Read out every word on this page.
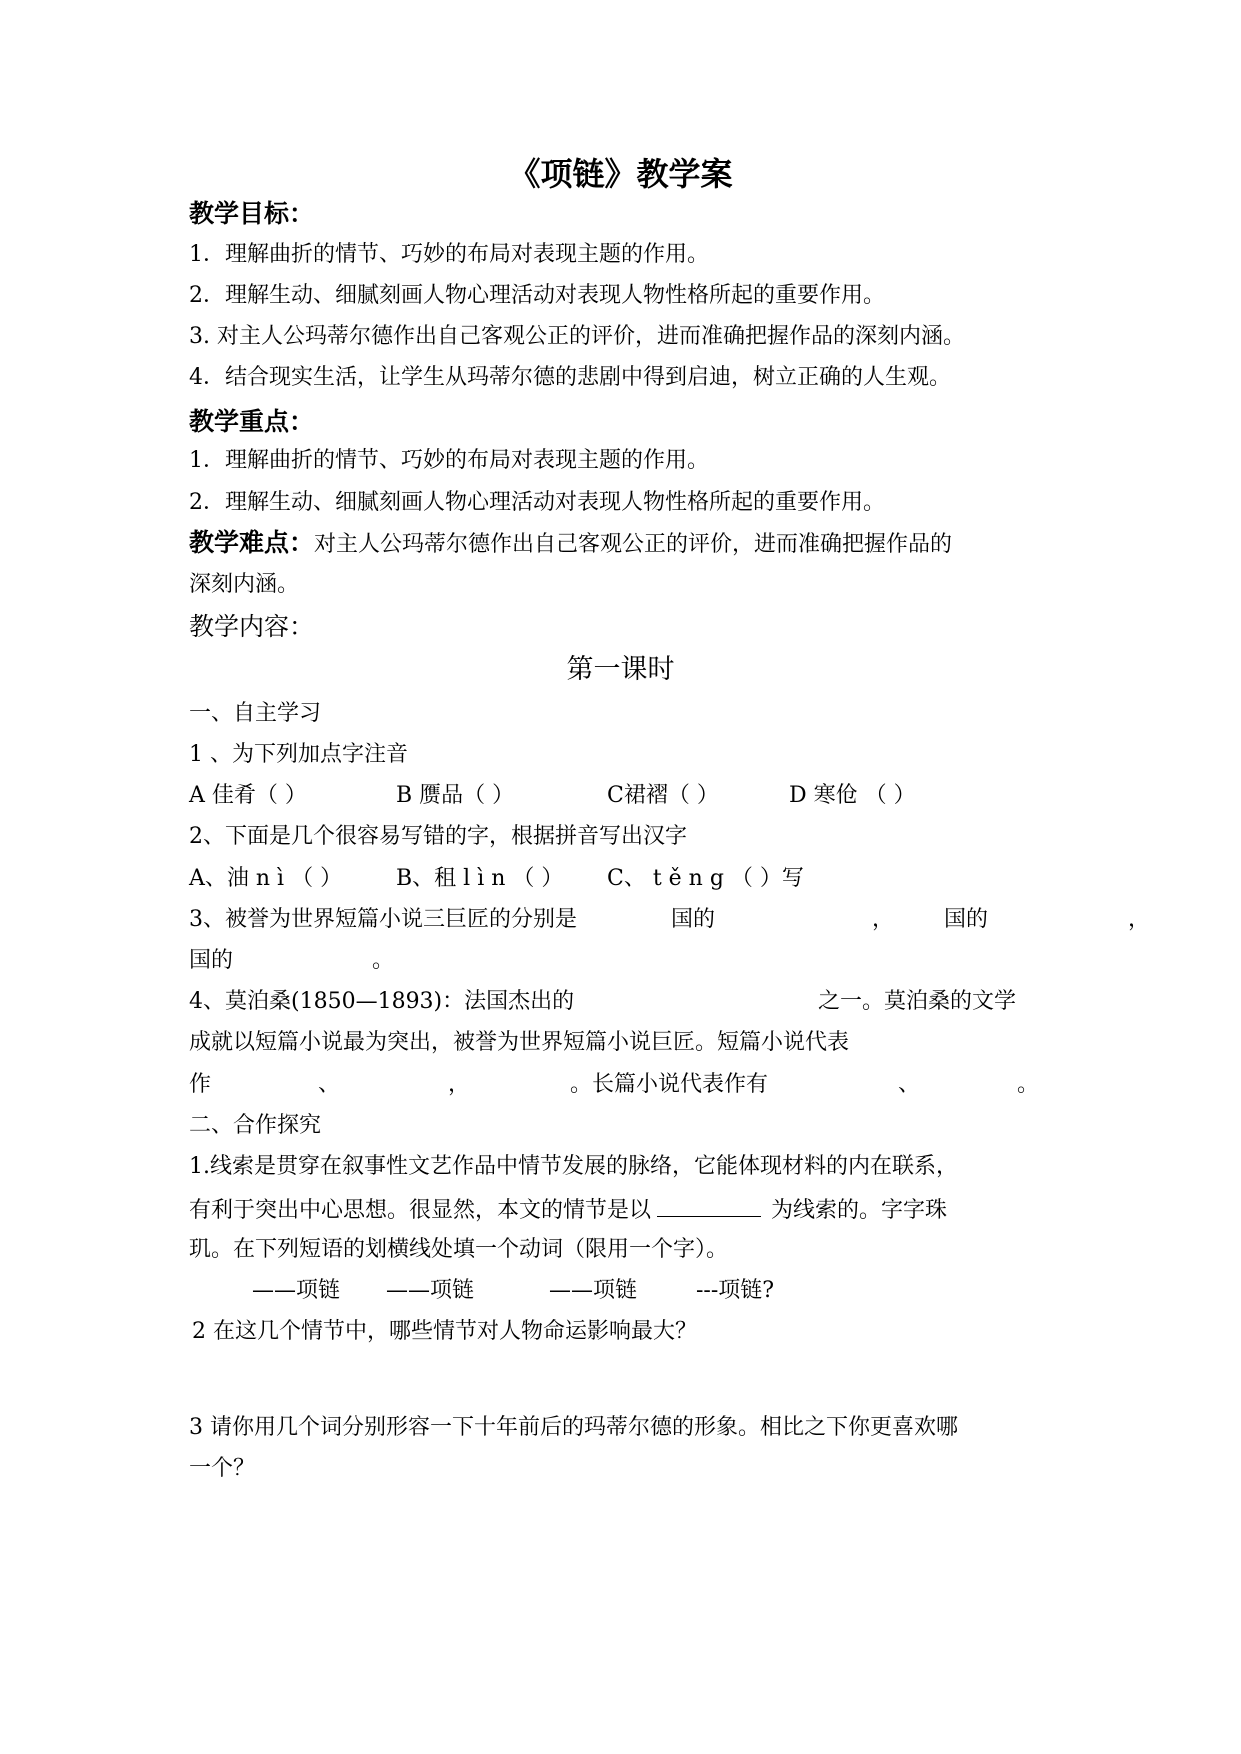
《项链》教学案
教学目标：
1．理解曲折的情节、巧妙的布局对表现主题的作用。
2．理解生动、细腻刻画人物心理活动对表现人物性格所起的重要作用。
3. 对主人公玛蒂尔德作出自己客观公正的评价，进而准确把握作品的深刻内涵。
4．结合现实生活，让学生从玛蒂尔德的悲剧中得到启迪，树立正确的人生观。
教学重点：
1．理解曲折的情节、巧妙的布局对表现主题的作用。
2．理解生动、细腻刻画人物心理活动对表现人物性格所起的重要作用。
教学难点：对主人公玛蒂尔德作出自己客观公正的评价，进而准确把握作品的
深刻内涵。
教学内容：
第一课时
一、自主学习
1 、为下列加点字注音
A 佳肴（ ）	B 赝品（ ）	C裙褶（ ）	D 寒伧 （ ）
2、下面是几个很容易写错的字，根据拼音写出汉字
A、油 n ì （ ） B、租 l ì n （ ） C、 t ě n g （ ）写
3、被誉为世界短篇小说三巨匠的分别是	国的	， 国的	，
国的	。
4、莫泊桑(1850—1893)：法国杰出的	之一。莫泊桑的文学
成就以短篇小说最为突出，被誉为世界短篇小说巨匠。短篇小说代表
作	、	，	。长篇小说代表作有	、	。
二、合作探究
1.线索是贯穿在叙事性文艺作品中情节发展的脉络，它能体现材料的内在联系，
有利于突出中心思想。很显然，本文的情节是以	为线索的。字字珠
玑。在下列短语的划横线处填一个动词（限用一个字）。
——项链 ——项链	——项链	---项链?
2 在这几个情节中，哪些情节对人物命运影响最大？
3 请你用几个词分别形容一下十年前后的玛蒂尔德的形象。相比之下你更喜欢哪
一个？
